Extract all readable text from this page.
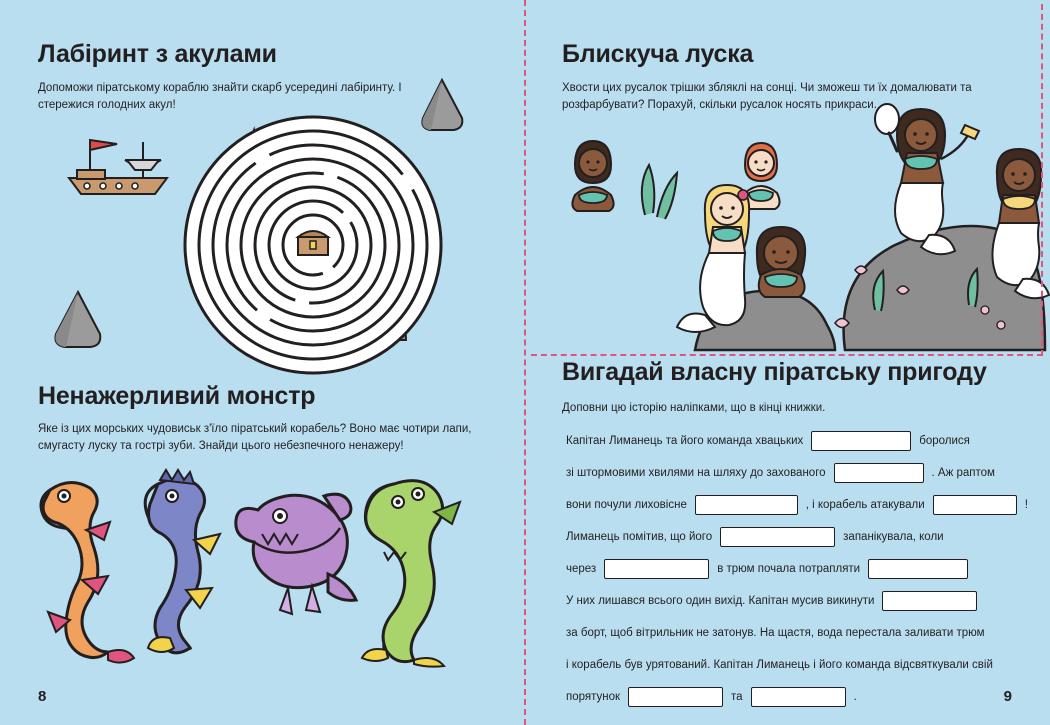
Лабіринт з акулами

Допоможи піратському кораблю знайти скарб усередині лабіринту. І стережися голодних акул!

Ненажерливий монстр

Яке із цих морських чудовиськ з'їло піратський корабель? Воно має чотири лапи, смугасту луску та гострі зуби. Знайди цього небезпечного ненажеру!

8
Блискуча луска

Хвости цих русалок трішки збляклі на сонці. Чи зможеш ти їх домалювати та розфарбувати? Порахуй, скільки русалок носять прикраси.

Вигадай власну піратську пригоду

Доповни цю історію наліпками, що в кінці книжки.

Капітан Лиманець та його команда хвацьких	боролися
зі штормовими хвилями на шляху до захованого	. Аж раптом
вони почули лиховісне	, і корабель атакували	!
Лиманець помітив, що його	запанікувала, коли
через	в трюм почала потрапляти
У них лишався всього один вихід. Капітан мусив викинути
за борт, щоб вітрильник не затонув. На щастя, вода перестала заливати трюм
і корабель був урятований. Капітан Лиманець і його команда відсвяткували свій
порятунок	та	.	9
